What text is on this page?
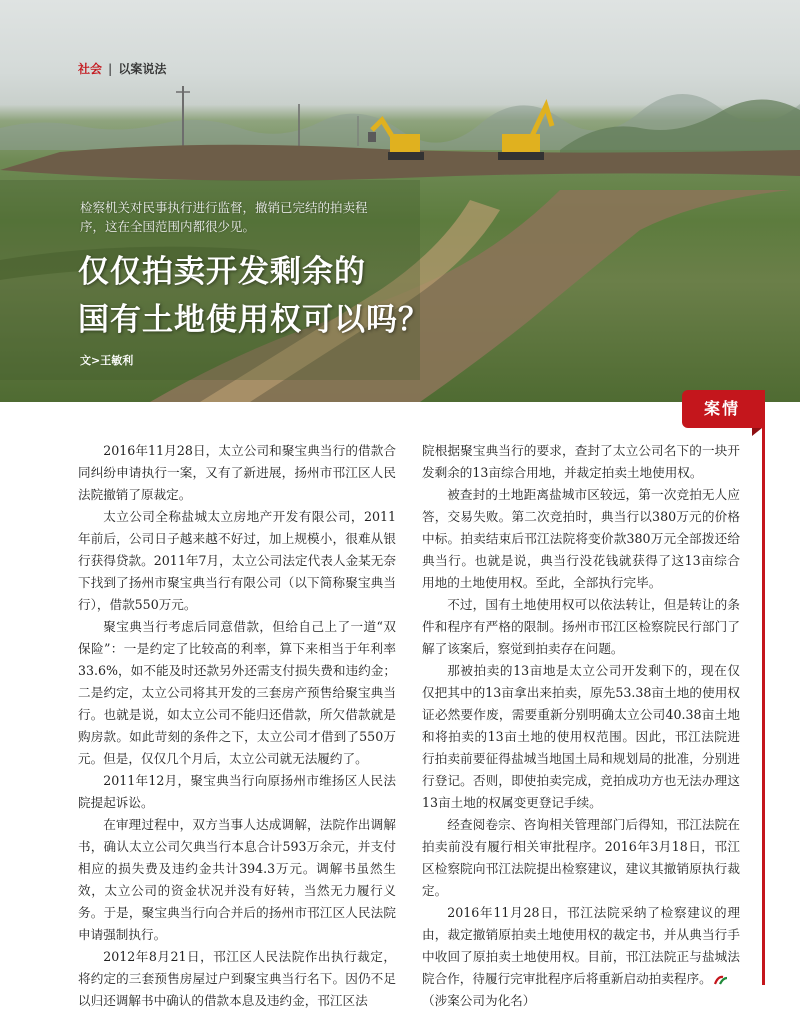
社会 | 以案说法
检察机关对民事执行进行监督，撤销已完结的拍卖程序，这在全国范围内都很少见。
仅仅拍卖开发剩余的
国有土地使用权可以吗？
文>王敏利
案情

2016年11月28日，太立公司和聚宝典当行的借款合同纠纷申请执行一案，又有了新进展，扬州市邗江区人民法院撤销了原裁定。

太立公司全称盐城太立房地产开发有限公司，2011年前后，公司日子越来越不好过，加上规模小，很难从银行获得贷款。2011年7月，太立公司法定代表人金某无奈下找到了扬州市聚宝典当行有限公司（以下简称聚宝典当行），借款550万元。

聚宝典当行考虑后同意借款，但给自己上了一道“双保险”：一是约定了比较高的利率，算下来相当于年利率33.6%，如不能及时还款另外还需支付损失费和违约金；二是约定，太立公司将其开发的三套房产预售给聚宝典当行。也就是说，如太立公司不能归还借款，所欠借款就是购房款。如此苛刻的条件之下，太立公司才借到了550万元。但是，仅仅几个月后，太立公司就无法履约了。

2011年12月，聚宝典当行向原扬州市维扬区人民法院提起诉讼。

在审理过程中，双方当事人达成调解，法院作出调解书，确认太立公司欠典当行本息合计593万余元，并支付相应的损失费及违约金共计394.3万元。调解书虽然生效，太立公司的资金状况并没有好转，当然无力履行义务。于是，聚宝典当行向合并后的扬州市邗江区人民法院申请强制执行。

2012年8月21日，邗江区人民法院作出执行裁定，将约定的三套预售房屋过户到聚宝典当行名下。因仍不足以归还调解书中确认的借款本息及违约金，邗江区法

院根据聚宝典当行的要求，查封了太立公司名下的一块开发剩余的13亩综合用地，并裁定拍卖土地使用权。

被查封的土地距离盐城市区较远，第一次竞拍无人应答，交易失败。第二次竞拍时，典当行以380万元的价格中标。拍卖结束后邗江法院将变价款380万元全部拨还给典当行。也就是说，典当行没花钱就获得了这13亩综合用地的土地使用权。至此，全部执行完毕。

不过，国有土地使用权可以依法转让，但是转让的条件和程序有严格的限制。扬州市邗江区检察院民行部门了解了该案后，察觉到拍卖存在问题。

那被拍卖的13亩地是太立公司开发剩下的，现在仅仅把其中的13亩拿出来拍卖，原先53.38亩土地的使用权证必然要作废，需要重新分别明确太立公司40.38亩土地和将拍卖的13亩土地的使用权范围。因此，邗江法院进行拍卖前要征得盐城当地国土局和规划局的批准，分别进行登记。否则，即使拍卖完成，竞拍成功方也无法办理这13亩土地的权属变更登记手续。

经查阅卷宗、咨询相关管理部门后得知，邗江法院在拍卖前没有履行相关审批程序。2016年3月18日，邗江区检察院向邗江法院提出检察建议，建议其撤销原执行裁定。

2016年11月28日，邗江法院采纳了检察建议的理由，裁定撤销原拍卖土地使用权的裁定书，并从典当行手中收回了原拍卖土地使用权。目前，邗江法院正与盐城法院合作，待履行完审批程序后将重新启动拍卖程序。

（涉案公司为化名）
